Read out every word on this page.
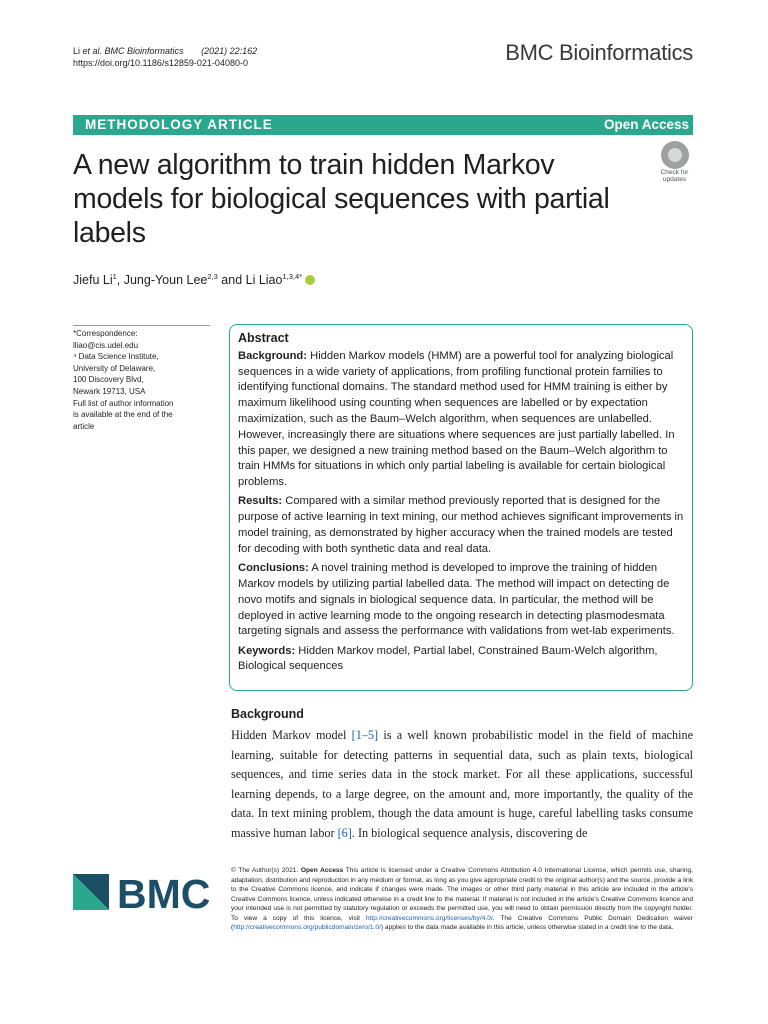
Li et al. BMC Bioinformatics (2021) 22:162
https://doi.org/10.1186/s12859-021-04080-0	BMC Bioinformatics
METHODOLOGY ARTICLE	Open Access
A new algorithm to train hidden Markov models for biological sequences with partial labels
Check for
updates
Jiefu Li$^1$, Jung-Youn Lee$^{2,3}$ and Li Liao$^{1,3,4*}$
*Correspondence:
lliao@cis.udel.edu
⁴ Data Science Institute,
University of Delaware,
100 Discovery Blvd,
Newark 19713, USA
Full list of author information
is available at the end of the
article
Abstract

Background: Hidden Markov models (HMM) are a powerful tool for analyzing biological sequences in a wide variety of applications, from profiling functional protein families to identifying functional domains. The standard method used for HMM training is either by maximum likelihood using counting when sequences are labelled or by expectation maximization, such as the Baum–Welch algorithm, when sequences are unlabelled. However, increasingly there are situations where sequences are just partially labelled. In this paper, we designed a new training method based on the Baum–Welch algorithm to train HMMs for situations in which only partial labeling is available for certain biological problems.

Results: Compared with a similar method previously reported that is designed for the purpose of active learning in text mining, our method achieves significant improvements in model training, as demonstrated by higher accuracy when the trained models are tested for decoding with both synthetic data and real data.

Conclusions: A novel training method is developed to improve the training of hidden Markov models by utilizing partial labelled data. The method will impact on detecting de novo motifs and signals in biological sequence data. In particular, the method will be deployed in active learning mode to the ongoing research in detecting plasmodesmata targeting signals and assess the performance with validations from wet-lab experiments.

Keywords: Hidden Markov model, Partial label, Constrained Baum-Welch algorithm, Biological sequences

Background
Hidden Markov model [1–5] is a well known probabilistic model in the field of machine learning, suitable for detecting patterns in sequential data, such as plain texts, biological sequences, and time series data in the stock market. For all these applications, successful learning depends, to a large degree, on the amount and, more importantly, the quality of the data. In text mining problem, though the data amount is huge, careful labelling tasks consume massive human labor [6]. In biological sequence analysis, discovering de
BMC
© The Author(s) 2021. Open Access This article is licensed under a Creative Commons Attribution 4.0 International License, which permits use, sharing, adaptation, distribution and reproduction in any medium or format, as long as you give appropriate credit to the original author(s) and the source, provide a link to the Creative Commons licence, and indicate if changes were made. The images or other third party material in this article are included in the article's Creative Commons licence, unless indicated otherwise in a credit line to the material. If material is not included in the article's Creative Commons licence and your intended use is not permitted by statutory regulation or exceeds the permitted use, you will need to obtain permission directly from the copyright holder. To view a copy of this licence, visit http://creativecommons.org/licenses/by/4.0/. The Creative Commons Public Domain Dedication waiver (http://creativecommons.org/publicdomain/zero/1.0/) applies to the data made available in this article, unless otherwise stated in a credit line to the data.
